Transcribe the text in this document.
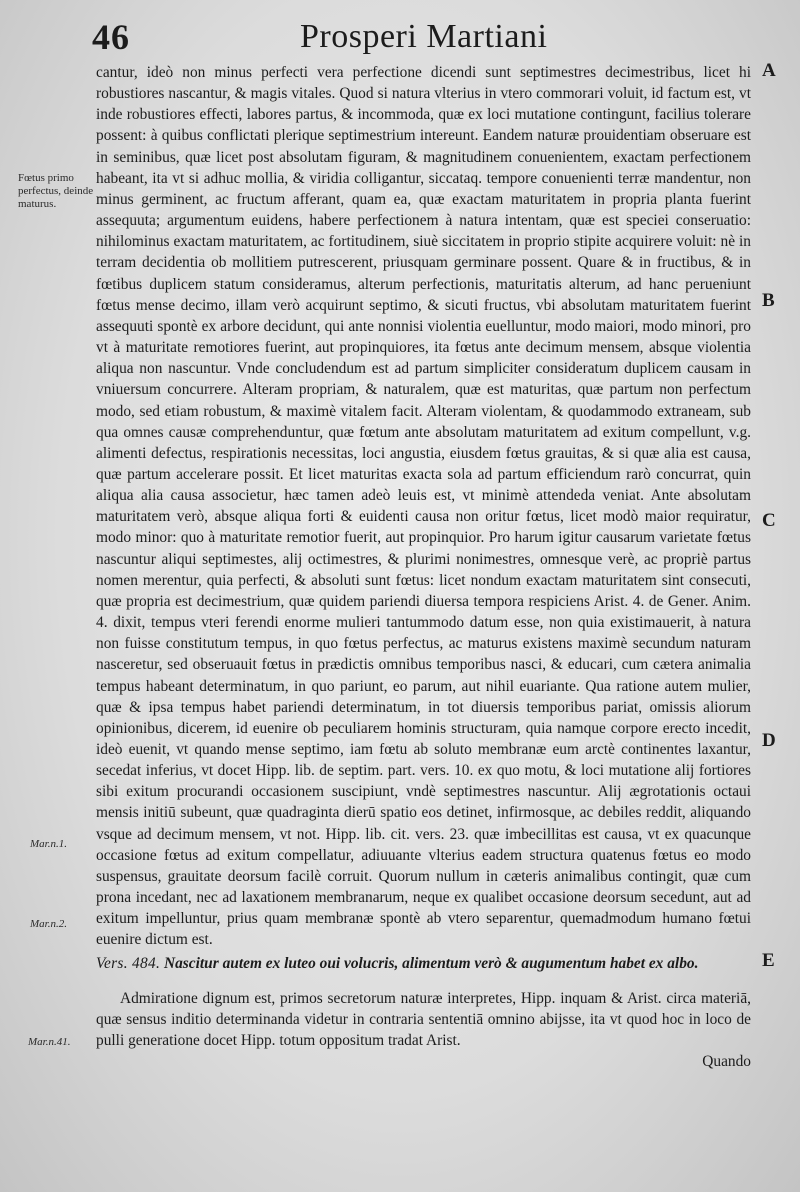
46	Prosperi Martiani
Fœtus primo perfectus, deinde maturus.
Mar.n.1.
Mar.n.2.
Mar.n.41.
A
B
C
D
E

cantur, ideò non minus perfecti vera perfectione dicendi sunt septimestres decimestribus, licet hi robustiores nascantur, & magis vitales. Quod si natura vlterius in vtero commorari voluit, id factum est, vt inde robustiores effecti, labores partus, & incommoda, quæ ex loci mutatione contingunt, facilius tolerare possent: à quibus conflictati plerique septimestrium intereunt. Eandem naturæ prouidentiam obseruare est in seminibus, quæ licet post absolutam figuram, & magnitudinem conuenientem, exactam perfectionem habeant, ita vt si adhuc mollia, & viridia colligantur, siccataq. tempore conuenienti terræ mandentur, non minus germinent, ac fructum afferant, quam ea, quæ exactam maturitatem in propria planta fuerint assequuta; argumentum euidens, habere perfectionem à natura intentam, quæ est speciei conseruatio: nihilominus exactam maturitatem, ac fortitudinem, siuè siccitatem in proprio stipite acquirere voluit: nè in terram decidentia ob mollitiem putrescerent, priusquam germinare possent. Quare & in fructibus, & in fœtibus duplicem statum consideramus, alterum perfectionis, maturitatis alterum, ad hanc perueniunt fœtus mense decimo, illam verò acquirunt septimo, & sicuti fructus, vbi absolutam maturitatem fuerint assequuti spontè ex arbore decidunt, qui ante nonnisi violentia euelluntur, modo maiori, modo minori, pro vt à maturitate remotiores fuerint, aut propinquiores, ita fœtus ante decimum mensem, absque violentia aliqua non nascuntur. Vnde concludendum est ad partum simpliciter consideratum duplicem causam in vniuersum concurrere. Alteram propriam, & naturalem, quæ est maturitas, quæ partum non perfectum modo, sed etiam robustum, & maximè vitalem facit. Alteram violentam, & quodammodo extraneam, sub qua omnes causæ comprehenduntur, quæ fœtum ante absolutam maturitatem ad exitum compellunt, v.g. alimenti defectus, respirationis necessitas, loci angustia, eiusdem fœtus grauitas, & si quæ alia est causa, quæ partum accelerare possit. Et licet maturitas exacta sola ad partum efficiendum rarò concurrat, quin aliqua alia causa associetur, hæc tamen adeò leuis est, vt minimè attendeda veniat. Ante absolutam maturitatem verò, absque aliqua forti & euidenti causa non oritur fœtus, licet modò maior requiratur, modo minor: quo à maturitate remotior fuerit, aut propinquior. Pro harum igitur causarum varietate fœtus nascuntur aliqui septimestes, alij octimestres, & plurimi nonimestres, omnesque verè, ac propriè partus nomen merentur, quia perfecti, & absoluti sunt fœtus: licet nondum exactam maturitatem sint consecuti, quæ propria est decimestrium, quæ quidem pariendi diuersa tempora respiciens Arist. 4. de Gener. Anim. 4. dixit, tempus vteri ferendi enorme mulieri tantummodo datum esse, non quia existimauerit, à natura non fuisse constitutum tempus, in quo fœtus perfectus, ac maturus existens maximè secundum naturam nasceretur, sed obseruauit fœtus in prædictis omnibus temporibus nasci, & educari, cum cætera animalia tempus habeant determinatum, in quo pariunt, eo parum, aut nihil euariante. Qua ratione autem mulier, quæ & ipsa tempus habet pariendi determinatum, in tot diuersis temporibus pariat, omissis aliorum opinionibus, dicerem, id euenire ob peculiarem hominis structuram, quia namque corpore erecto incedit, ideò euenit, vt quando mense septimo, iam fœtu ab soluto membranæ eum arctè continentes laxantur, secedat inferius, vt docet Hipp. lib. de septim. part. vers. 10. ex quo motu, & loci mutatione alij fortiores sibi exitum procurandi occasionem suscipiunt, vndè septimestres nascuntur. Alij ægrotationis octaui mensis initiū subeunt, quæ quadraginta dierū spatio eos detinet, infirmosque, ac debiles reddit, aliquando vsque ad decimum mensem, vt not. Hipp. lib. cit. vers. 23. quæ imbecillitas est causa, vt ex quacunque occasione fœtus ad exitum compellatur, adiuuante vlterius eadem structura quatenus fœtus eo modo suspensus, grauitate deorsum facilè corruit. Quorum nullum in cæteris animalibus contingit, quæ cum prona incedant, nec ad laxationem membranarum, neque ex qualibet occasione deorsum secedunt, aut ad exitum impelluntur, prius quam membranæ spontè ab vtero separentur, quemadmodum humano fœtui euenire dictum est.

Vers. 484. Nascitur autem ex luteo oui volucris, alimentum verò & augumentum habet ex albo.

Admiratione dignum est, primos secretorum naturæ interpretes, Hipp. inquam & Arist. circa materiā, quæ sensus inditio determinanda videtur in contraria sententiā omnino abijsse, ita vt quod hoc in loco de pulli generatione docet Hipp. totum oppositum tradat Arist.

Quando
